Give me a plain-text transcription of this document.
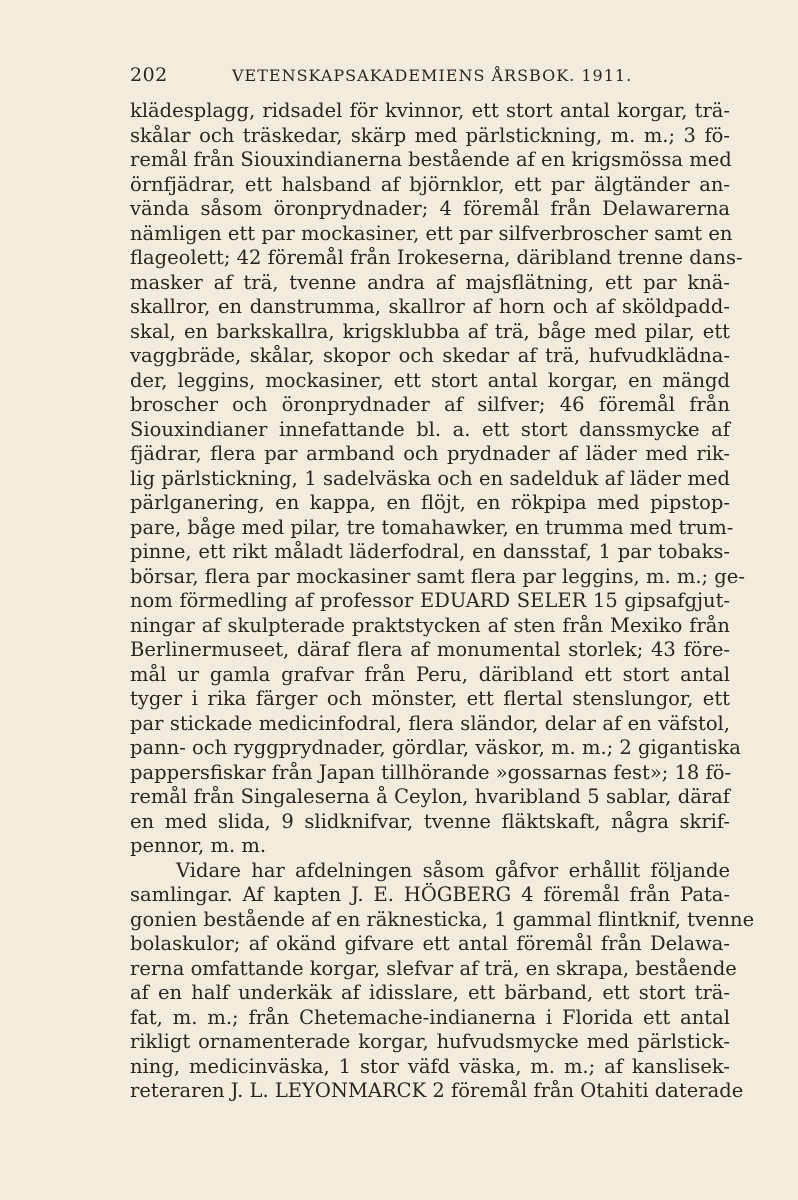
202	VETENSKAPSAKADEMIENS ÅRSBOK. 1911.
klädesplagg, ridsadel för kvinnor, ett stort antal korgar, trä-
skålar och träskedar, skärp med pärlstickning, m. m.; 3 fö-
remål från Siouxindianerna bestående af en krigsmössa med
örnfjädrar, ett halsband af björnklor, ett par älgtänder an-
vända såsom öronprydnader; 4 föremål från Delawarerna
nämligen ett par mockasiner, ett par silfverbroscher samt en
flageolett; 42 föremål från Irokeserna, däribland trenne dans-
masker af trä, tvenne andra af majsflätning, ett par knä-
skallror, en danstrumma, skallror af horn och af sköldpadd-
skal, en barkskallra, krigsklubba af trä, båge med pilar, ett
vaggbräde, skålar, skopor och skedar af trä, hufvudklädna-
der, leggins, mockasiner, ett stort antal korgar, en mängd
broscher och öronprydnader af silfver; 46 föremål från
Siouxindianer innefattande bl. a. ett stort danssmycke af
fjädrar, flera par armband och prydnader af läder med rik-
lig pärlstickning, 1 sadelväska och en sadelduk af läder med
pärlganering, en kappa, en flöjt, en rökpipa med pipstop-
pare, båge med pilar, tre tomahawker, en trumma med trum-
pinne, ett rikt måladt läderfodral, en dansstaf, 1 par tobaks-
börsar, flera par mockasiner samt flera par leggins, m. m.; ge-
nom förmedling af professor EDUARD SELER 15 gipsafgjut-
ningar af skulpterade praktstycken af sten från Mexiko från
Berlinermuseet, däraf flera af monumental storlek; 43 före-
mål ur gamla grafvar från Peru, däribland ett stort antal
tyger i rika färger och mönster, ett flertal stenslungor, ett
par stickade medicinfodral, flera sländor, delar af en väfstol,
pann- och ryggprydnader, gördlar, väskor, m. m.; 2 gigantiska
pappersfiskar från Japan tillhörande »gossarnas fest»; 18 fö-
remål från Singaleserna å Ceylon, hvaribland 5 sablar, däraf
en med slida, 9 slidknifvar, tvenne fläktskaft, några skrif-
pennor, m. m.
Vidare har afdelningen såsom gåfvor erhållit följande
samlingar. Af kapten J. E. HÖGBERG 4 föremål från Pata-
gonien bestående af en räknesticka, 1 gammal flintknif, tvenne
bolaskulor; af okänd gifvare ett antal föremål från Delawa-
rerna omfattande korgar, slefvar af trä, en skrapa, bestående
af en half underkäk af idisslare, ett bärband, ett stort trä-
fat, m. m.; från Chetemache-indianerna i Florida ett antal
rikligt ornamenterade korgar, hufvudsmycke med pärlstick-
ning, medicinväska, 1 stor väfd väska, m. m.; af kanslisek-
reteraren J. L. LEYONMARCK 2 föremål från Otahiti daterade
